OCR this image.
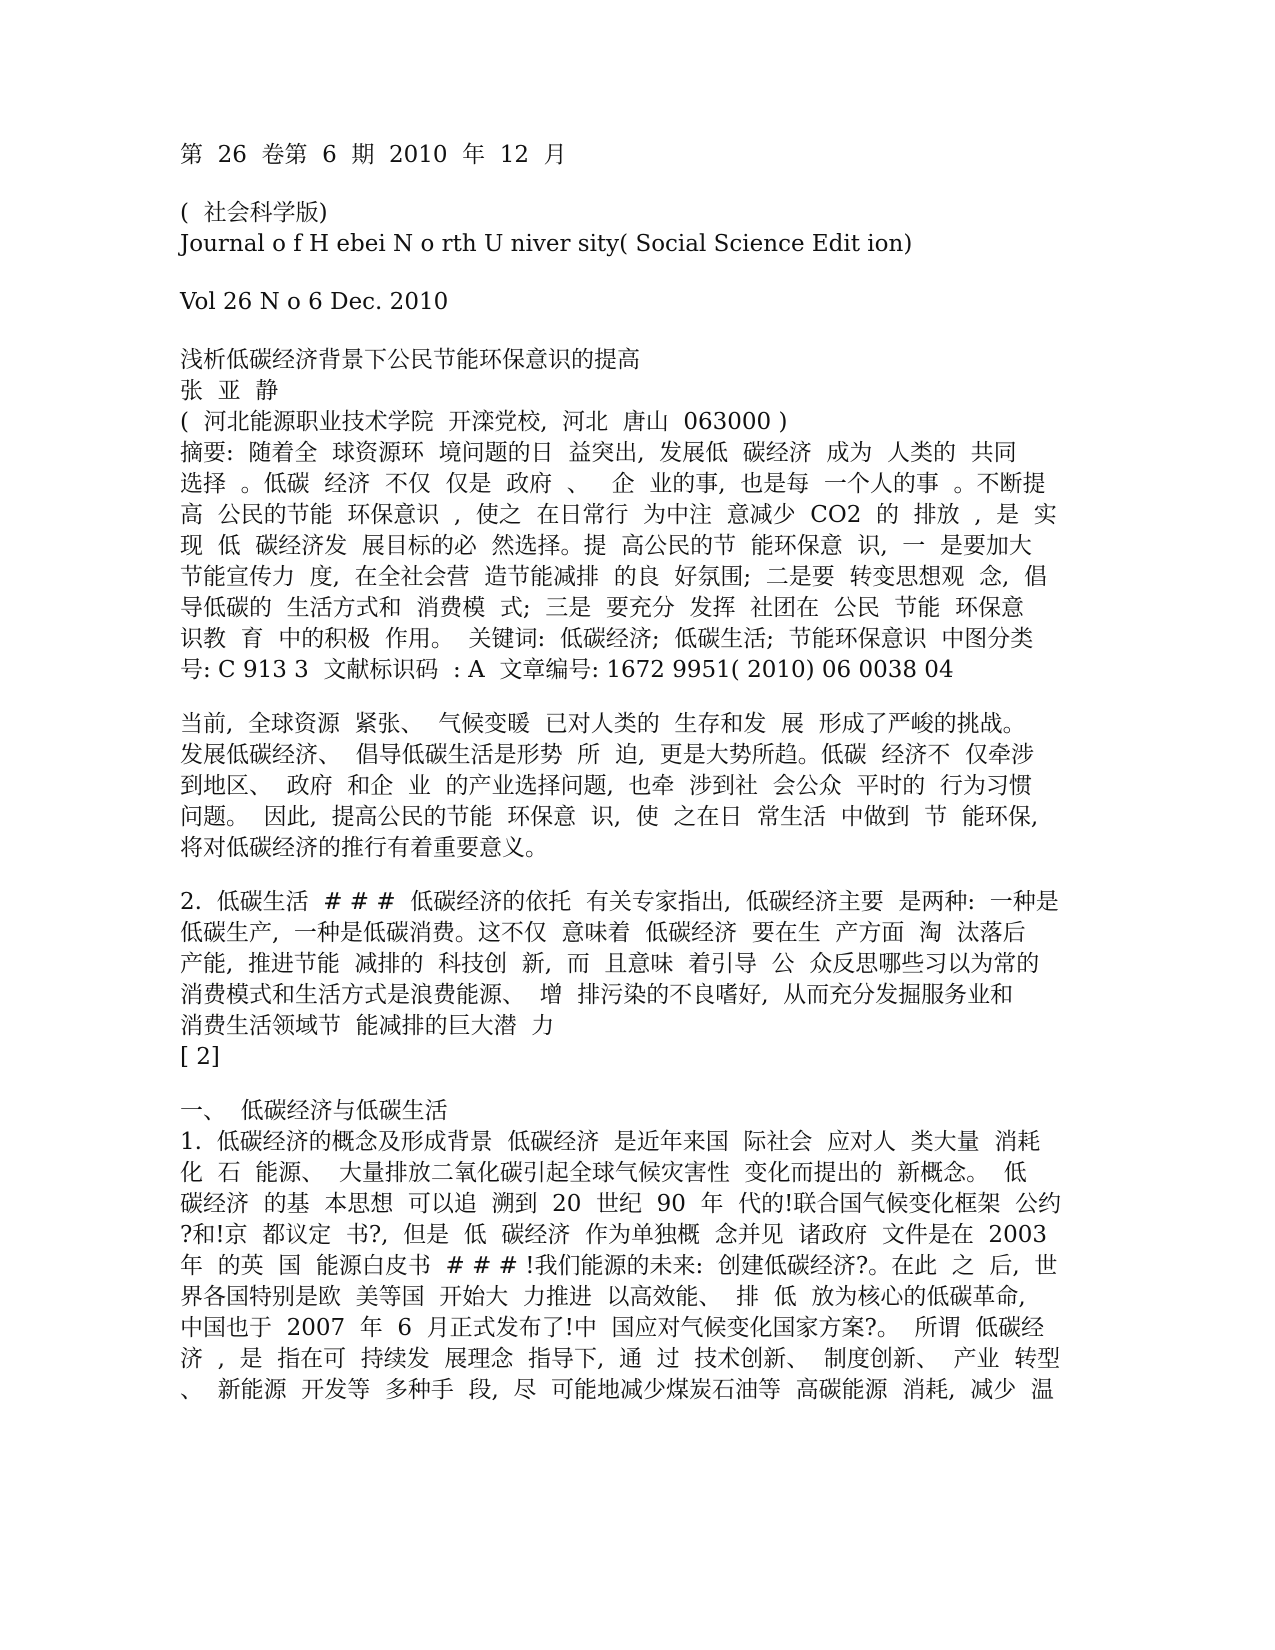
第  26  卷第  6  期  2010  年  12  月
(  社会科学版)
Journal o f H ebei N o rth U niver sity( Social Science Edit ion)
Vol 26 N o 6 Dec. 2010
浅析低碳经济背景下公民节能环保意识的提高
张  亚  静
(  河北能源职业技术学院  开滦党校,  河北  唐山  063000 )
摘要:  随着全  球资源环  境问题的日  益突出,  发展低  碳经济  成为  人类的  共同
选择  。低碳  经济  不仅  仅是  政府  、   企  业的事,  也是每  一个人的事  。不断提
高  公民的节能  环保意识  ,  使之  在日常行  为中注  意减少  CO2  的  排放  ,  是  实
现  低  碳经济发  展目标的必  然选择。提  高公民的节  能环保意  识,  一  是要加大
节能宣传力  度,  在全社会营  造节能减排  的良  好氛围;  二是要  转变思想观  念,  倡
导低碳的  生活方式和  消费模  式;  三是  要充分  发挥  社团在  公民  节能  环保意
识教  育  中的积极  作用。  关键词:  低碳经济;  低碳生活;  节能环保意识  中图分类
号: C 913 3  文献标识码  : A  文章编号: 1672 9951( 2010) 06 0038 04
当前,  全球资源  紧张、  气候变暖  已对人类的  生存和发  展  形成了严峻的挑战。
发展低碳经济、  倡导低碳生活是形势  所  迫,  更是大势所趋。低碳  经济不  仅牵涉
到地区、  政府  和企  业  的产业选择问题,  也牵  涉到社  会公众  平时的  行为习惯
问题。  因此,  提高公民的节能  环保意  识,  使  之在日  常生活  中做到  节  能环保,
将对低碳经济的推行有着重要意义。
2.  低碳生活  # # #  低碳经济的依托  有关专家指出,  低碳经济主要  是两种:  一种是
低碳生产,  一种是低碳消费。这不仅  意味着  低碳经济  要在生  产方面  淘  汰落后
产能,  推进节能  减排的  科技创  新,  而  且意味  着引导  公  众反思哪些习以为常的
消费模式和生活方式是浪费能源、  增  排污染的不良嗜好,  从而充分发掘服务业和
消费生活领域节  能减排的巨大潜  力
[ 2]
一、  低碳经济与低碳生活
1.  低碳经济的概念及形成背景  低碳经济  是近年来国  际社会  应对人  类大量  消耗
化  石  能源、  大量排放二氧化碳引起全球气候灾害性  变化而提出的  新概念。  低
碳经济  的基  本思想  可以追  溯到  20  世纪  90  年  代的!联合国气候变化框架  公约
?和!京  都议定  书?,  但是  低  碳经济  作为单独概  念并见  诸政府  文件是在  2003
年  的英  国  能源白皮书  # # # !我们能源的未来:  创建低碳经济?。在此  之  后,  世
界各国特别是欧  美等国  开始大  力推进  以高效能、  排  低  放为核心的低碳革命,
中国也于  2007  年  6  月正式发布了!中  国应对气候变化国家方案?。  所谓  低碳经
济  ,  是  指在可  持续发  展理念  指导下,  通  过  技术创新、  制度创新、  产业  转型
、  新能源  开发等  多种手  段,  尽  可能地减少煤炭石油等  高碳能源  消耗,  减少  温
